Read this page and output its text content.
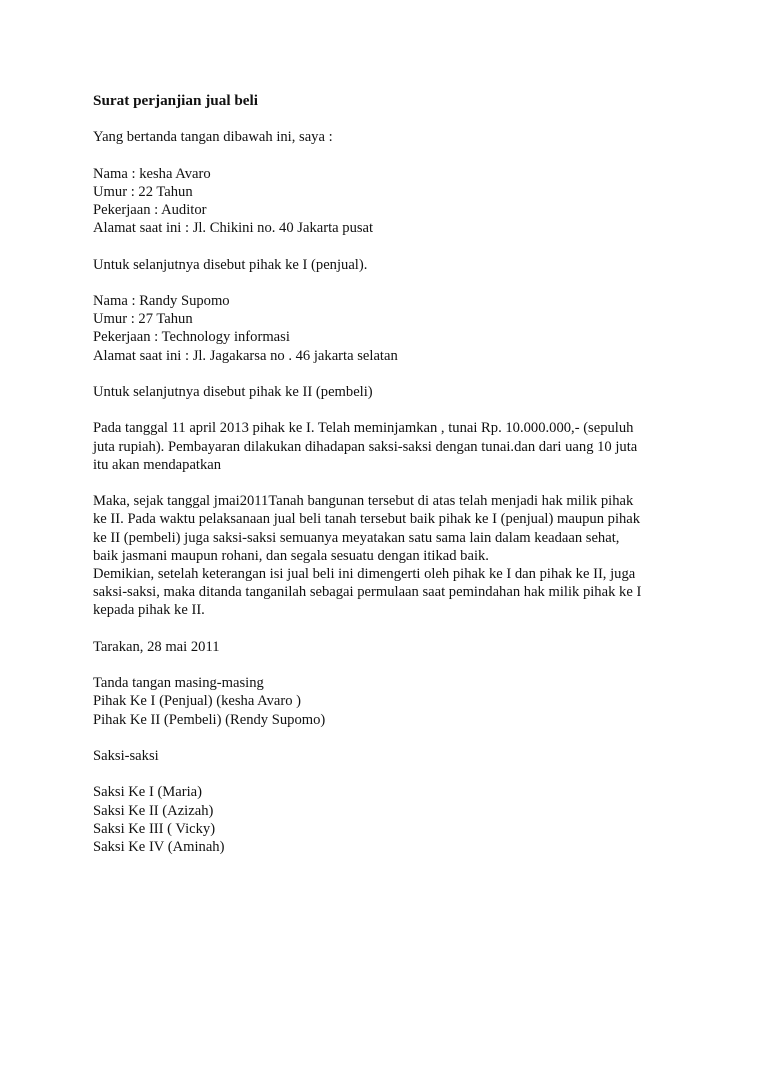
Surat perjanjian jual beli

Yang bertanda tangan dibawah ini, saya :

Nama : kesha Avaro

Umur : 22 Tahun

Pekerjaan : Auditor

Alamat saat ini : Jl. Chikini no. 40 Jakarta pusat

Untuk selanjutnya disebut pihak ke I (penjual).

Nama : Randy Supomo

Umur : 27 Tahun

Pekerjaan : Technology informasi

Alamat saat ini : Jl. Jagakarsa no . 46 jakarta selatan

Untuk selanjutnya disebut pihak ke II (pembeli)

Pada tanggal 11 april 2013 pihak ke I. Telah meminjamkan , tunai Rp. 10.000.000,- (sepuluh

juta rupiah). Pembayaran dilakukan dihadapan saksi-saksi dengan tunai.dan dari uang 10 juta

itu akan mendapatkan

Maka, sejak tanggal jmai2011Tanah bangunan tersebut di atas telah menjadi hak milik pihak

ke II. Pada waktu pelaksanaan jual beli tanah tersebut baik pihak ke I (penjual) maupun pihak

ke II (pembeli) juga saksi-saksi semuanya meyatakan satu sama lain dalam keadaan sehat,

baik jasmani maupun rohani, dan segala sesuatu dengan itikad baik.

Demikian, setelah keterangan isi jual beli ini dimengerti oleh pihak ke I dan pihak ke II, juga

saksi-saksi, maka ditanda tanganilah sebagai permulaan saat pemindahan hak milik pihak ke I

kepada pihak ke II.

Tarakan, 28 mai 2011

Tanda tangan masing-masing

Pihak Ke I (Penjual) (kesha Avaro )

Pihak Ke II (Pembeli) (Rendy Supomo)

Saksi-saksi

Saksi Ke I (Maria)

Saksi Ke II (Azizah)

Saksi Ke III ( Vicky)

Saksi Ke IV (Aminah)
